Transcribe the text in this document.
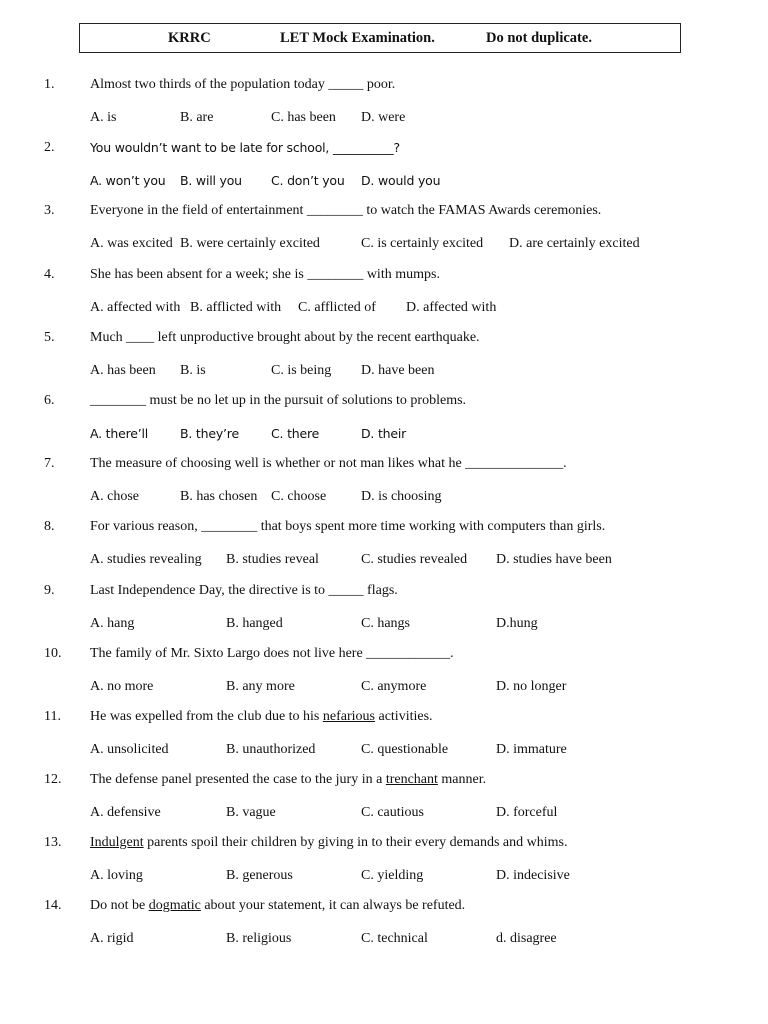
KRRC	LET Mock Examination.	Do not duplicate.
1.	Almost two thirds of the population today _____ poor.
A. is	B. are	C. has been D. were
2.	You wouldn’t want to be late for school, __________?
A. won’t you B. will you C. don’t you D. would you
3.	Everyone in the field of entertainment ________ to watch the FAMAS Awards ceremonies.
A. was excited B. were certainly excited	C. is certainly excited D. are certainly excited
4.	She has been absent for a week; she is ________ with mumps.
A. affected with B. afflicted with C. afflicted of D. affected with
5.	Much ____ left unproductive brought about by the recent earthquake.
A. has been B. is	C. is being D. have been
6.	________ must be no let up in the pursuit of solutions to problems.
A. there’ll	B. they’re	C. there	D. their
7.	The measure of choosing well is whether or not man likes what he ______________.
A. chose	B. has chosen C. choose D. is choosing
8.	For various reason, ________ that boys spent more time working with computers than girls.
A. studies revealing B. studies reveal	C. studies revealed D. studies have been
9.	Last Independence Day, the directive is to _____ flags.
A. hang	B. hanged	C. hangs	D.hung
10. The family of Mr. Sixto Largo does not live here ____________.
A. no more	B. any more	C. anymore	D. no longer
11. He was expelled from the club due to his nefarious activities.
A. unsolicited	B. unauthorized	C. questionable	D. immature
12. The defense panel presented the case to the jury in a trenchant manner.
A. defensive	B. vague	C. cautious	D. forceful
13. Indulgent parents spoil their children by giving in to their every demands and whims.
A. loving	B. generous	C. yielding	D. indecisive
14. Do not be dogmatic about your statement, it can always be refuted.
A. rigid	B. religious	C. technical	d. disagree
